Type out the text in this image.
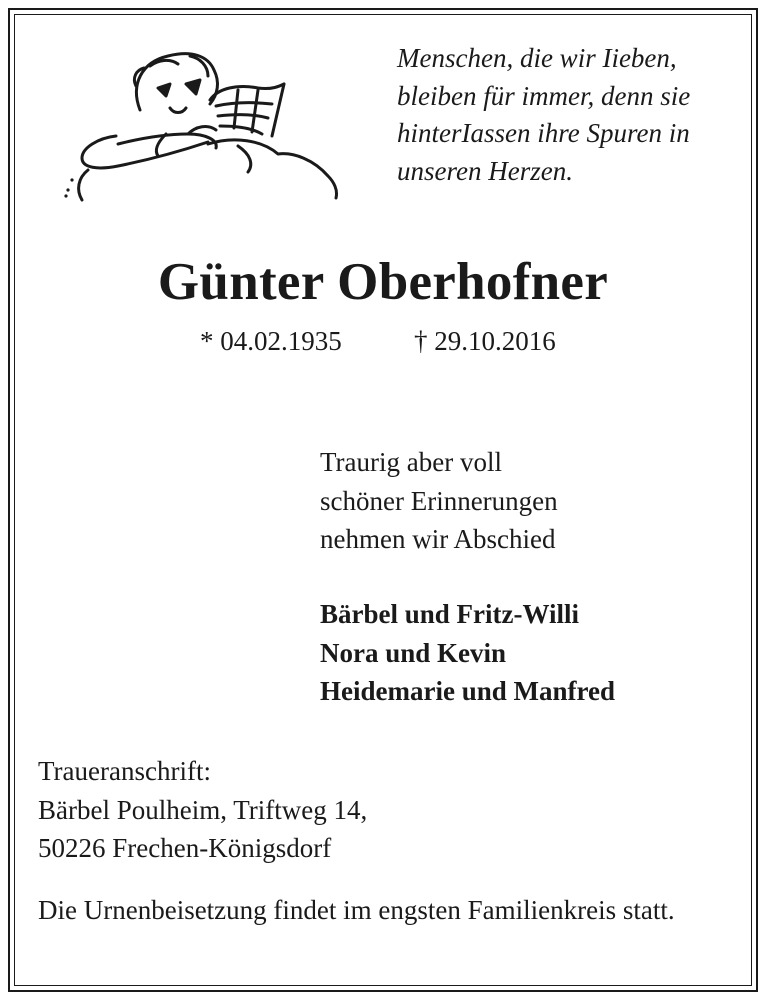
Menschen, die wir Iieben,
bleiben für immer, denn sie
hinterIassen ihre Spuren in
unseren Herzen.
Günter Oberhofner
* 04.02.1935	† 29.10.2016
Traurig aber voll
schöner Erinnerungen
nehmen wir Abschied
Bärbel und Fritz-Willi
Nora und Kevin
Heidemarie und Manfred
Traueranschrift:
Bärbel Poulheim, Triftweg 14,
50226 Frechen-Königsdorf
Die Urnenbeisetzung findet im engsten Familienkreis statt.
